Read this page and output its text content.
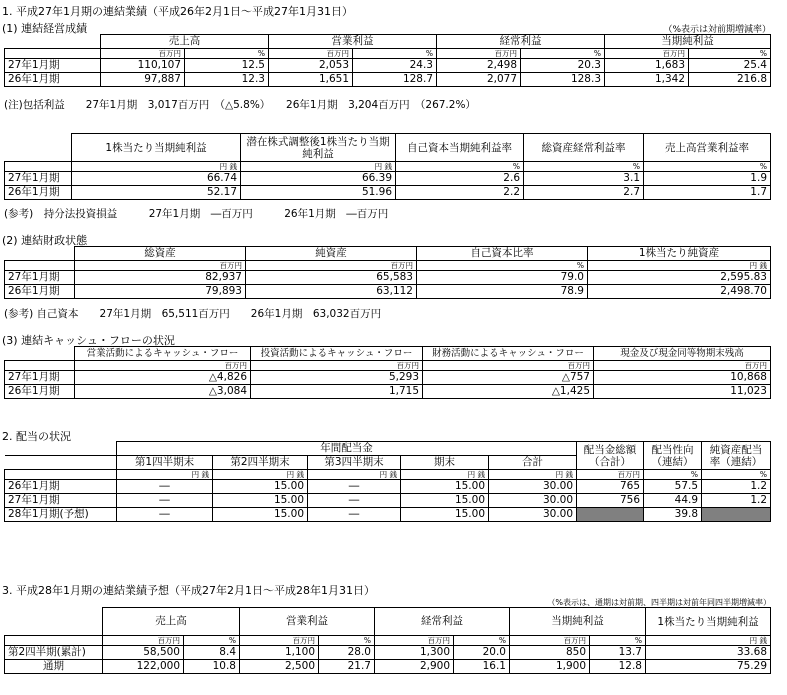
1. 平成27年1月期の連結業績（平成26年2月1日～平成27年1月31日）
(1) 連結経営成績	（%表示は対前期増減率）
	売上高		営業利益		経常利益		当期純利益	
	百万円	%	百万円	%	百万円	%	百万円	%
27年1月期	110,107	12.5	2,053	24.3	2,498	20.3	1,683	25.4
26年1月期	97,887	12.3	1,651	128.7	2,077	128.3	1,342	216.8
(注)包括利益　　27年1月期　3,017百万円　（△5.8%）　　26年1月期　3,204百万円　（267.2%）
	1株当たり当期純利益	潜在株式調整後1株当たり当期純利益	自己資本当期純利益率	総資産経常利益率	売上高営業利益率
	円 銭	円 銭	%	%	%
27年1月期	66.74	66.39	2.6	3.1	1.9
26年1月期	52.17	51.96	2.2	2.7	1.7
(参考)　持分法投資損益　　　27年1月期　―百万円　　　26年1月期　―百万円
(2) 連結財政状態
	総資産	純資産	自己資本比率	1株当たり純資産
	百万円	百万円	%	円 銭
27年1月期	82,937	65,583	79.0	2,595.83
26年1月期	79,893	63,112	78.9	2,498.70
(参考) 自己資本　　27年1月期　65,511百万円　　26年1月期　63,032百万円
(3) 連結キャッシュ・フローの状況
	営業活動によるキャッシュ・フロー	投資活動によるキャッシュ・フロー	財務活動によるキャッシュ・フロー	現金及び現金同等物期末残高
	百万円	百万円	百万円	百万円
27年1月期	△4,826	5,293	△757	10,868
26年1月期	△3,084	1,715	△1,425	11,023
2. 配当の状況
	年間配当金					配当金総額（合計）	配当性向（連結）	純資産配当率（連結）
	第1四半期末	第2四半期末	第3四半期末	期末	合計			
	円 銭	円 銭	円 銭	円 銭	円 銭	百万円	%	%
26年1月期	―	15.00	―	15.00	30.00	765	57.5	1.2
27年1月期	―	15.00	―	15.00	30.00	756	44.9	1.2
28年1月期(予想)	―	15.00	―	15.00	30.00		39.8	
3. 平成28年1月期の連結業績予想（平成27年2月1日～平成28年1月31日）
（%表示は、通期は対前期、四半期は対前年同四半期増減率）
	売上高		営業利益		経常利益		当期純利益		1株当たり当期純利益
	百万円	%	百万円	%	百万円	%	百万円	%	円 銭
第2四半期(累計)	58,500	8.4	1,100	28.0	1,300	20.0	850	13.7	33.68
通期	122,000	10.8	2,500	21.7	2,900	16.1	1,900	12.8	75.29
